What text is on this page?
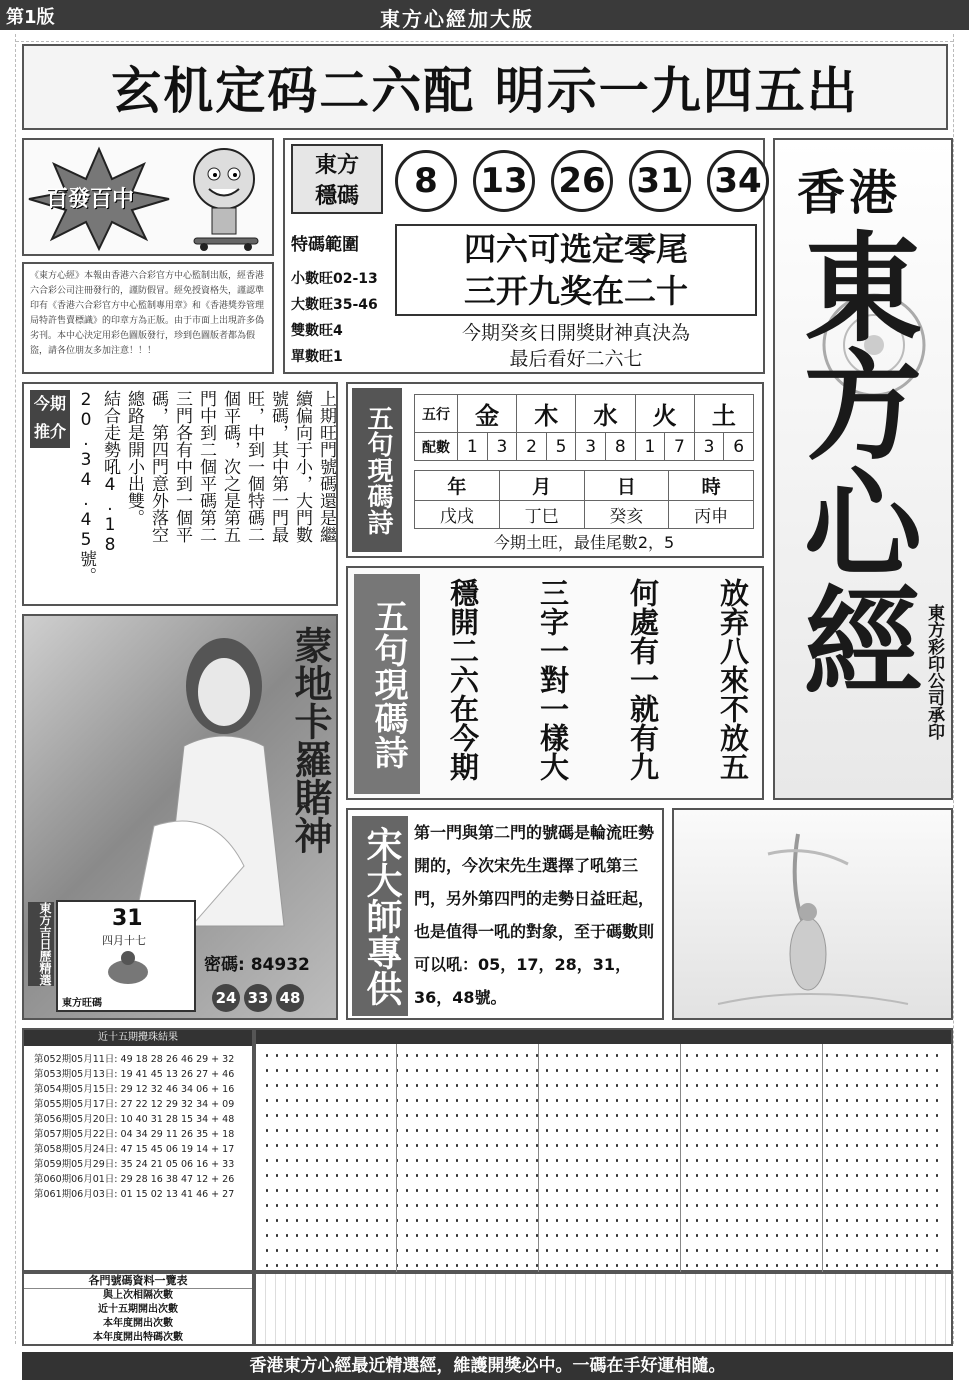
第1版	東方心經加大版
玄机定码二六配 明示一九四五出
百發百中
《東方心經》本報由香港六合彩官方中心監制出版，經香港六合彩公司注冊發行的，謹防假冒。經免授資格失，謹認準印有《香港六合彩官方中心監制專用章》和《香港獎券管理局特許售賣標識》的印章方為正版。由于市面上出現許多偽劣刊。本中心決定用彩色圖版發行，珍到色圖版者都為假盜，請各位朋友多加注意！！！
東方
穩碼	8	13 26 31 34
特碼範圍
小數旺02-13
大數旺35-46
雙數旺4
單數旺1
四六可选定零尾
三开九奖在二十
今期癸亥日開獎財神真決為
最后看好二六七
香港
東方心經 東方彩印公司承印
今期推介	上期旺門號碼還是繼
續偏向于小，大門數
號碼，其中第一門最
旺，中到一個特碼二
個平碼，次之是第五
門中到二個平碼第二
三門各有中到一個平
碼，第四門意外落空
總路是開小出雙。
結合走勢吼4.18
20.34.45號。	五句現碼詩	五行	金		木		水		火		土	
配數	1	3	2	5	3	8	1	7	3	6
年	月	日	時
戊戌	丁巳	癸亥	丙申
今期土旺，最佳尾數2，5
五句現碼詩	放弃八來不放五
何處有一就有九
三字一對一樣大
穩開二六在今期
蒙地卡羅賭神
東方吉日歷精選	31
四月十七
東方旺碼
密碼: 84932
24 33 48 宋大師專供 第一門與第二門的號碼是輪流旺勢開的，今次宋先生選擇了吼第三門，另外第四門的走勢日益旺起，也是值得一吼的對象，至于碼數則可以吼：05，17，28，31，36，48號。
近十五期攪珠結果
第052期05月11日: 49 18 28 26 46 29 + 32
第053期05月13日: 19 41 45 13 26 27 + 46
第054期05月15日: 29 12 32 46 34 06 + 16
第055期05月17日: 27 22 12 29 32 34 + 09
第056期05月20日: 10 40 31 28 15 34 + 48
第057期05月22日: 04 34 29 11 26 35 + 18
第058期05月24日: 47 15 45 06 19 14 + 17
第059期05月29日: 35 24 21 05 06 16 + 33
第060期06月01日: 29 28 16 38 47 12 + 26
第061期06月03日: 01 15 02 13 41 46 + 27
各門號碼資料一覽表
與上次相隔次數
近十五期開出次數
本年度開出次數
本年度開出特碼次數
香港東方心經最近精選經，維護開獎必中。一碼在手好運相隨。
